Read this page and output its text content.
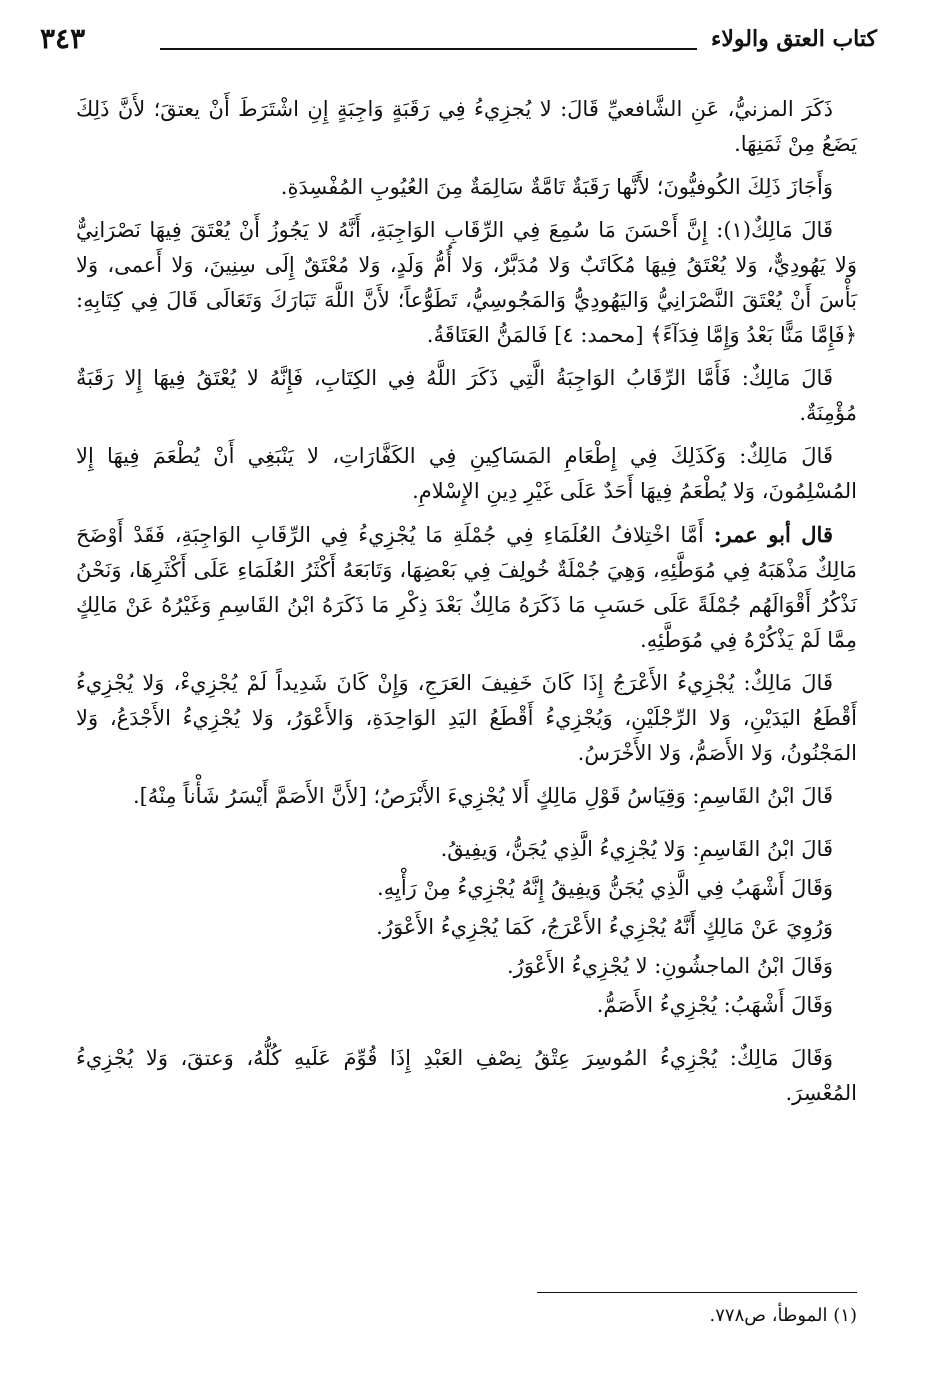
كتاب العتق والولاء
٣٤٣

ذَكَرَ المزنيُّ، عَنِ الشَّافعيِّ قَالَ: لا يُجزِيءُ فِي رَقَبَةٍ وَاجِبَةٍ إِنِ اشْتَرَطَ أَنْ يعتقَ؛ لأَنَّ ذَلِكَ يَضَعُ مِنْ ثَمَنِهَا.

وَأَجَازَ ذَلِكَ الكُوفيُّونَ؛ لأَنَّها رَقَبَةٌ تَامَّةٌ سَالِمَةٌ مِنَ العُيُوبِ المُفْسِدَةِ.

قَالَ مَالِكٌ(١): إِنَّ أَحْسَنَ مَا سُمِعَ فِي الرِّقَابِ الوَاجِبَةِ، أَنَّهُ لا يَجُوزُ أَنْ يُعْتَقَ فِيهَا نَصْرَانِيٌّ وَلا يَهُودِيٌّ، وَلا يُعْتَقُ فِيهَا مُكَاتَبٌ وَلا مُدَبَّرٌ، وَلا أُمُّ وَلَدٍ، وَلا مُعْتَقٌ إِلَى سِنِينَ، وَلا أَعمى، وَلا بَأْسَ أَنْ يُعْتَقَ النَّصْرَانِيُّ وَاليَهُودِيُّ وَالمَجُوسِيُّ، تَطَوُّعاً؛ لأَنَّ اللَّهَ تَبَارَكَ وَتَعَالَى قَالَ فِي كِتَابِهِ: ﴿فَإِمَّا مَنًّا بَعْدُ وَإِمَّا فِدَآءً﴾ [محمد: ٤] فَالمَنُّ العَتَاقَةُ.

قَالَ مَالِكٌ: فَأَمَّا الرِّقَابُ الوَاجِبَةُ الَّتِي ذَكَرَ اللَّهُ فِي الكِتَابِ، فَإِنَّهُ لا يُعْتَقُ فِيهَا إِلا رَقَبَةٌ مُؤْمِنَةٌ.

قَالَ مَالِكٌ: وَكَذَلِكَ فِي إِطْعَامِ المَسَاكِينِ فِي الكَفَّارَاتِ، لا يَنْبَغِي أَنْ يُطْعَمَ فِيهَا إِلا المُسْلِمُونَ، وَلا يُطْعَمُ فِيهَا أَحَدٌ عَلَى غَيْرِ دِينِ الإِسْلامِ.

قال أبو عمر: أَمَّا اخْتِلافُ العُلَمَاءِ فِي جُمْلَةِ مَا يُجْزِيءُ فِي الرِّقَابِ الوَاجِبَةِ، فَقَدْ أَوْضَحَ مَالِكٌ مَذْهَبَهُ فِي مُوَطَّئِهِ، وَهِيَ جُمْلَةٌ خُولِفَ فِي بَعْضِهَا، وَتَابَعَهُ أَكْثَرُ العُلَمَاءِ عَلَى أَكْثَرِهَا، وَنَحْنُ نَذْكُرُ أَقْوَالَهُم جُمْلَةً عَلَى حَسَبِ مَا ذَكَرَهُ مَالِكٌ بَعْدَ ذِكْرِ مَا ذَكَرَهُ ابْنُ القَاسِمِ وَغَيْرُهُ عَنْ مَالِكٍ مِمَّا لَمْ يَذْكُرْهُ فِي مُوَطَّئِهِ.

قَالَ مَالِكٌ: يُجْزِيءُ الأَعْرَجُ إِذَا كَانَ خَفِيفَ العَرَجِ، وَإِنْ كَانَ شَدِيداً لَمْ يُجْزِيءْ، وَلا يُجْزِيءُ أَقْطَعُ اليَدَيْنِ، وَلا الرِّجْلَيْنِ، وَيُجْزِيءُ أَقْطَعُ اليَدِ الوَاحِدَةِ، وَالأَعْوَرُ، وَلا يُجْزِيءُ الأَجْدَعُ، وَلا المَجْنُونُ، وَلا الأَصَمُّ، وَلا الأَخْرَسُ.

قَالَ ابْنُ القَاسِمِ: وَقِيَاسُ قَوْلِ مَالِكٍ أَلا يُجْزِيءَ الأَبْرَصُ؛ [لأَنَّ الأَصَمَّ أَيْسَرُ شَأْناً مِنْهُ].

قَالَ ابْنُ القَاسِمِ: وَلا يُجْزِيءُ الَّذِي يُجَنُّ، وَيفِيقُ.

وَقَالَ أَشْهَبُ فِي الَّذِي يُجَنُّ وَيفِيقُ إِنَّهُ يُجْزِيءُ مِنْ رَأْيِهِ.

وَرُوِيَ عَنْ مَالِكٍ أَنَّهُ يُجْزِيءُ الأَعْرَجُ، كَمَا يُجْزِيءُ الأَعْوَرُ.

وَقَالَ ابْنُ الماجشُونِ: لا يُجْزِيءُ الأَعْوَرُ.

وَقَالَ أَشْهَبُ: يُجْزِيءُ الأَصَمُّ.

وَقَالَ مَالِكٌ: يُجْزِيءُ المُوسِرَ عِتْقُ نِصْفِ العَبْدِ إِذَا قُوِّمَ عَلَيهِ كُلُّهُ، وَعتقَ، وَلا يُجْزِيءُ المُعْسِرَ.

(١) الموطأ، ص٧٧٨.
